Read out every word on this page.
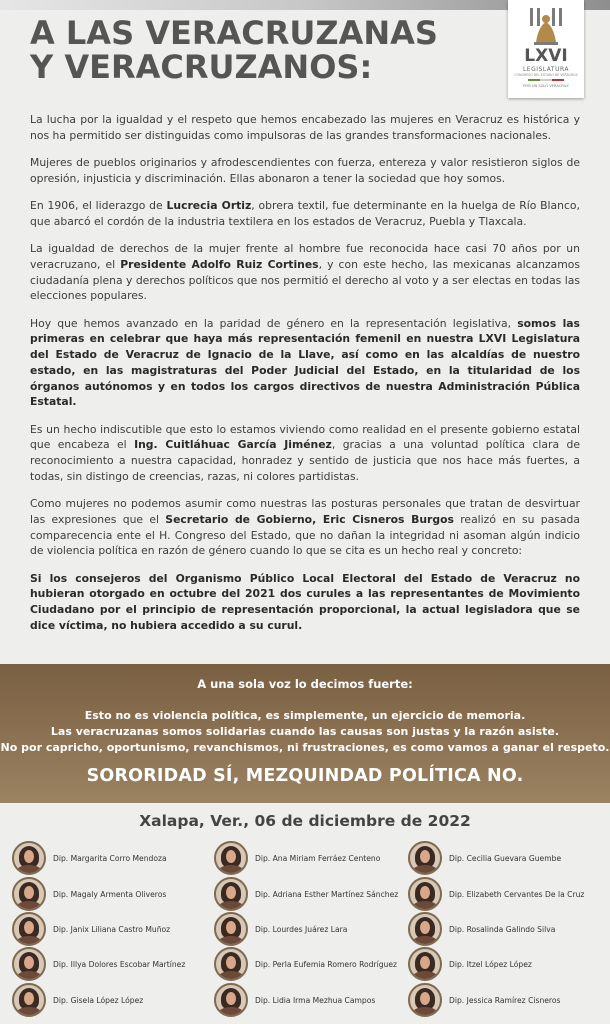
A LAS VERACRUZANAS
Y VERACRUZANOS:	LXVI
LEGISLATURA
CONGRESO DEL ESTADO DE VERACRUZ
POR UN SOLO VERACRUZ

La lucha por la igualdad y el respeto que hemos encabezado las mujeres en Veracruz es histórica y nos ha permitido ser distinguidas como impulsoras de las grandes transformaciones nacionales.

Mujeres de pueblos originarios y afrodescendientes con fuerza, entereza y valor resistieron siglos de opresión, injusticia y discriminación. Ellas abonaron a tener la sociedad que hoy somos.

En 1906, el liderazgo de Lucrecia Ortiz, obrera textil, fue determinante en la huelga de Río Blanco, que abarcó el cordón de la industria textilera en los estados de Veracruz, Puebla y Tlaxcala.

La igualdad de derechos de la mujer frente al hombre fue reconocida hace casi 70 años por un veracruzano, el Presidente Adolfo Ruiz Cortines, y con este hecho, las mexicanas alcanzamos ciudadanía plena y derechos políticos que nos permitió el derecho al voto y a ser electas en todas las elecciones populares.

Hoy que hemos avanzado en la paridad de género en la representación legislativa, somos las primeras en celebrar que haya más representación femenil en nuestra LXVI Legislatura del Estado de Veracruz de Ignacio de la Llave, así como en las alcaldías de nuestro estado, en las magistraturas del Poder Judicial del Estado, en la titularidad de los órganos autónomos y en todos los cargos directivos de nuestra Administración Pública Estatal.

Es un hecho indiscutible que esto lo estamos viviendo como realidad en el presente gobierno estatal que encabeza el Ing. Cuitláhuac García Jiménez, gracias a una voluntad política clara de reconocimiento a nuestra capacidad, honradez y sentido de justicia que nos hace más fuertes, a todas, sin distingo de creencias, razas, ni colores partidistas.

Como mujeres no podemos asumir como nuestras las posturas personales que tratan de desvirtuar las expresiones que el Secretario de Gobierno, Eric Cisneros Burgos realizó en su pasada comparecencia ente el H. Congreso del Estado, que no dañan la integridad ni asoman algún indicio de violencia política en razón de género cuando lo que se cita es un hecho real y concreto:

Si los consejeros del Organismo Público Local Electoral del Estado de Veracruz no hubieran otorgado en octubre del 2021 dos curules a las representantes de Movimiento Ciudadano por el principio de representación proporcional, la actual legisladora que se dice víctima, no hubiera accedido a su curul.

A una sola voz lo decimos fuerte:
Esto no es violencia política, es simplemente, un ejercicio de memoria.
Las veracruzanas somos solidarias cuando las causas son justas y la razón asiste.
No por capricho, oportunismo, revanchismos, ni frustraciones, es como vamos a ganar el respeto.
SORORIDAD SÍ, MEZQUINDAD POLÍTICA NO.
Xalapa, Ver., 06 de diciembre de 2022
Dip. Margarita Corro Mendoza
Dip. Magaly Armenta Oliveros
Dip. Janix Liliana Castro Muñoz
Dip. Illya Dolores Escobar Martínez
Dip. Gisela López López
Dip. Ana Miriam Ferráez Centeno
Dip. Adriana Esther Martínez Sánchez
Dip. Lourdes Juárez Lara
Dip. Perla Eufemia Romero Rodríguez
Dip. Lidia Irma Mezhua Campos
Dip. Cecilia Guevara Guembe
Dip. Elizabeth Cervantes De la Cruz
Dip. Rosalinda Galindo Silva
Dip. Itzel López López
Dip. Jessica Ramírez Cisneros
